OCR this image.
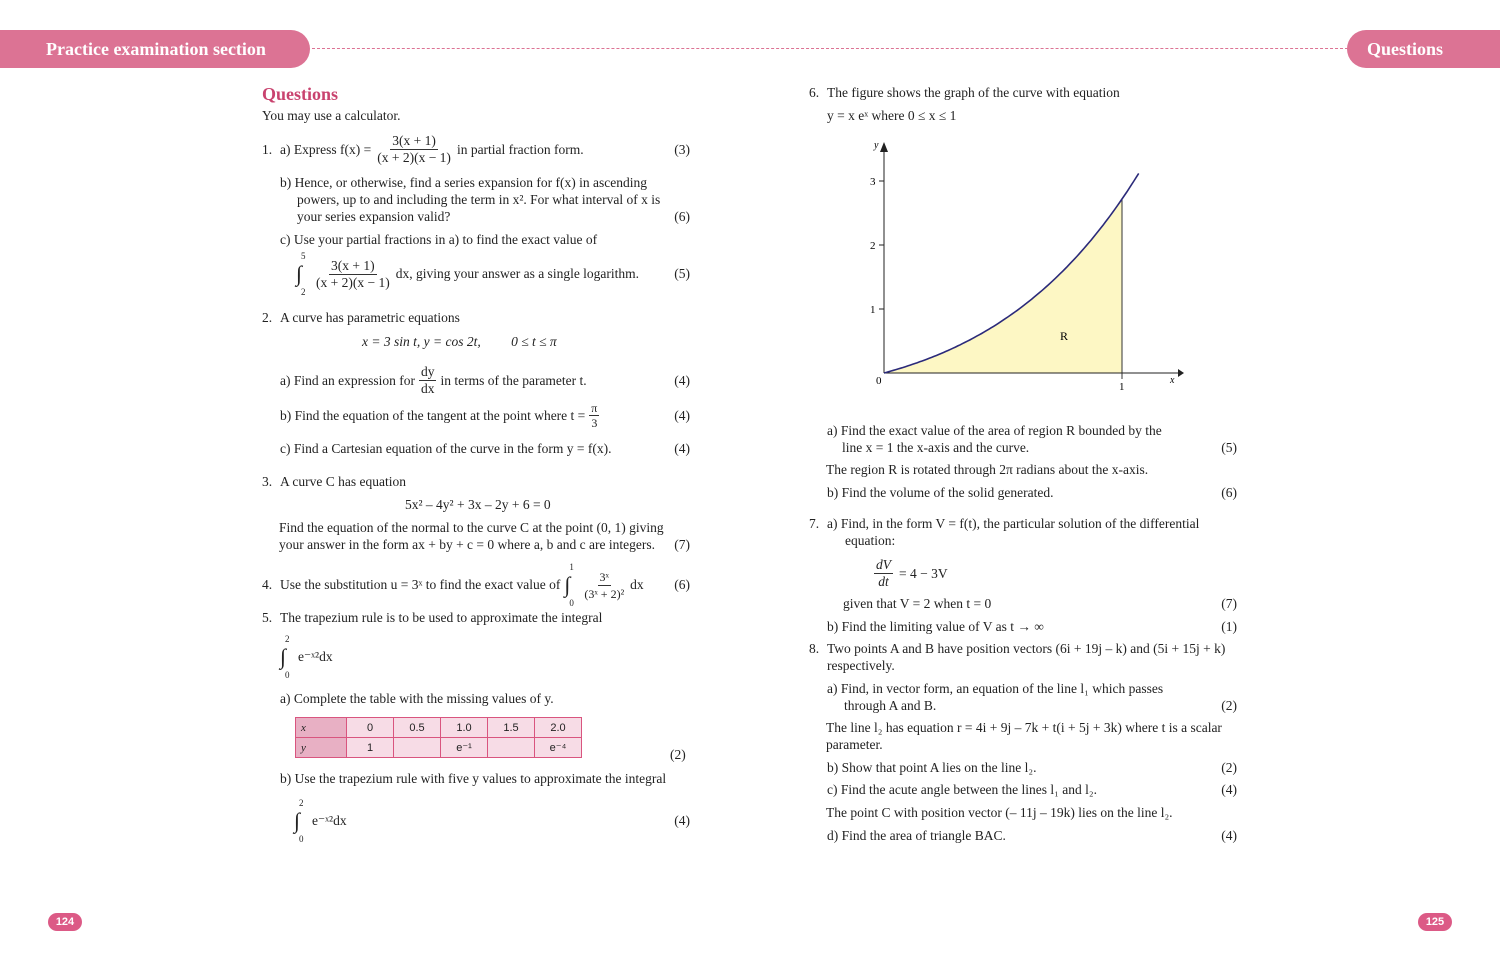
Practice examination section	Questions
Questions
You may use a calculator.
1. a) Express $f(x) = \frac{3(x + 1)}{(x + 2)(x - 1)}$ in partial fraction form.	(3)
b) Hence, or otherwise, find a series expansion for f(x) in ascending
powers, up to and including the term in x². For what interval of x is
your series expansion valid?	(6)
c) Use your partial fractions in a) to find the exact value of
5
∫
2
$\frac{3(x + 1)}{(x + 2)(x - 1)}$ dx, giving your answer as a single logarithm.	(5)
2. A curve has parametric equations
x = 3 sin t, y = cos 2t,         0 ≤ t ≤ π
a) Find an expression for $\frac{dy}{dx}$ in terms of the parameter t.	(4)
b) Find the equation of the tangent at the point where $t = \frac{\pi}{3}$	(4)
c) Find a Cartesian equation of the curve in the form y = f(x).	(4)
3. A curve C has equation
5x² – 4y² + 3x – 2y + 6 = 0
Find the equation of the normal to the curve C at the point (0, 1) giving
your answer in the form ax + by + c = 0 where a, b and c are integers. (7)
4. Use the substitution u = 3ˣ to find the exact value of
1
∫
0
$\frac{\text{3ˣ}}{\text{(3ˣ + 2)²}}$ dx (6)
5. The trapezium rule is to be used to approximate the integral
2
∫
0
e⁻ˣ²dx
a) Complete the table with the missing values of y.
x	0	0.5	1.0	1.5	2.0
y	1		e⁻¹		e⁻⁴	(2)
b) Use the trapezium rule with five y values to approximate the integral
2
∫
0
e⁻ˣ²dx	(4)
124
6. The figure shows the graph of the curve with equation
y = x eˣ where 0 ≤ x ≤ 1
1
2
3
x
y
0	1
R
a) Find the exact value of the area of region R bounded by the
line x = 1 the x-axis and the curve.	(5)
The region R is rotated through 2π radians about the x-axis.
b) Find the volume of the solid generated.	(6)
7. a) Find, in the form V = f(t), the particular solution of the differential
equation:
$\frac{dV}{dt} = 4 - 3V$
given that V = 2 when t = 0	(7)
b) Find the limiting value of V as t → ∞	(1)
8. Two points A and B have position vectors (6i + 19j – k) and (5i + 15j + k)
respectively.
a) Find, in vector form, an equation of the line l₁ which passes
through A and B.	(2)
The line l₂ has equation r = 4i + 9j – 7k + t(i + 5j + 3k) where t is a scalar
parameter.
b) Show that point A lies on the line l₂.	(2)
c) Find the acute angle between the lines l₁ and l₂.	(4)
The point C with position vector (– 11j – 19k) lies on the line l₂.
d) Find the area of triangle BAC.	(4)
125
